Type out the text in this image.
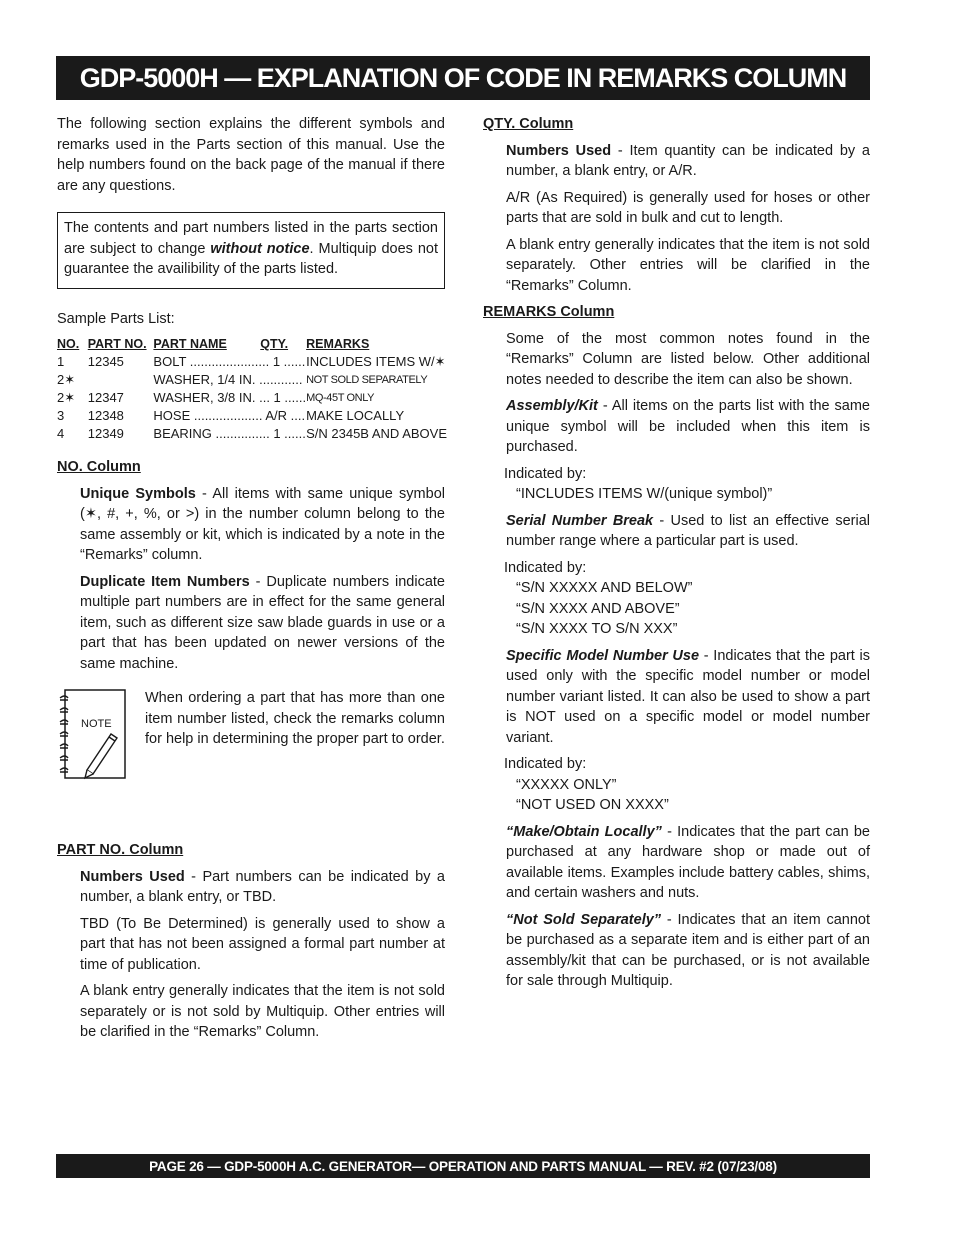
GDP-5000H — EXPLANATION OF CODE IN REMARKS COLUMN

The following section explains the different symbols and remarks used in the Parts section of this manual. Use the help numbers found on the back page of the manual if there are any questions.

The contents and part numbers listed in the parts section are subject to change without notice. Multiquip does not guarantee the availibility of the parts listed.
Sample Parts List:
NO.	PART NO.	PART NAME	QTY.	REMARKS
1	12345	BOLT ...................... 1 ......		INCLUDES ITEMS W/✶
2✶		WASHER, 1/4 IN. ............		NOT SOLD SEPARATELY
2✶	12347	WASHER, 3/8 IN. ... 1 ......		MQ-45T ONLY
3	12348	HOSE ................... A/R ....		MAKE LOCALLY
4	12349	BEARING ............... 1 ......		S/N 2345B AND ABOVE
NO. Column

Unique Symbols - All items with same unique symbol (✶, #, +, %, or >) in the number column belong to the same assembly or kit, which is indicated by a note in the “Remarks” column.

Duplicate Item Numbers - Duplicate numbers indicate multiple part numbers are in effect for the same general item, such as different size saw blade guards in use or a part that has been updated on newer versions of the same machine.

NOTE
When ordering a part that has more than one item number listed, check the remarks column for help in determining the proper part to order.
PART NO. Column

Numbers Used - Part numbers can be indicated by a number, a blank entry, or TBD.

TBD (To Be Determined) is generally used to show a part that has not been assigned a formal part number at time of publication.

A blank entry generally indicates that the item is not sold separately or is not sold by Multiquip. Other entries will be clarified in the “Remarks” Column.

QTY. Column

Numbers Used - Item quantity can be indicated by a number, a blank entry, or A/R.

A/R (As Required) is generally used for hoses or other parts that are sold in bulk and cut to length.

A blank entry generally indicates that the item is not sold separately. Other entries will be clarified in the “Remarks” Column.

REMARKS Column

Some of the most common notes found in the “Remarks” Column are listed below. Other additional notes needed to describe the item can also be shown.

Assembly/Kit - All items on the parts list with the same unique symbol will be included when this item is purchased.

Indicated by:
“INCLUDES ITEMS W/(unique symbol)”

Serial Number Break - Used to list an effective serial number range where a particular part is used.

Indicated by:
“S/N XXXXX AND BELOW”
“S/N XXXX AND ABOVE”
“S/N XXXX TO S/N XXX”

Specific Model Number Use - Indicates that the part is used only with the specific model number or model number variant listed. It can also be used to show a part is NOT used on a specific model or model number variant.

Indicated by:
“XXXXX ONLY”
“NOT USED ON XXXX”

“Make/Obtain Locally” - Indicates that the part can be purchased at any hardware shop or made out of available items. Examples include battery cables, shims, and certain washers and nuts.

“Not Sold Separately” - Indicates that an item cannot be purchased as a separate item and is either part of an assembly/kit that can be purchased, or is not available for sale through Multiquip.

PAGE 26 — GDP-5000H A.C. GENERATOR— OPERATION AND PARTS MANUAL — REV. #2 (07/23/08)
